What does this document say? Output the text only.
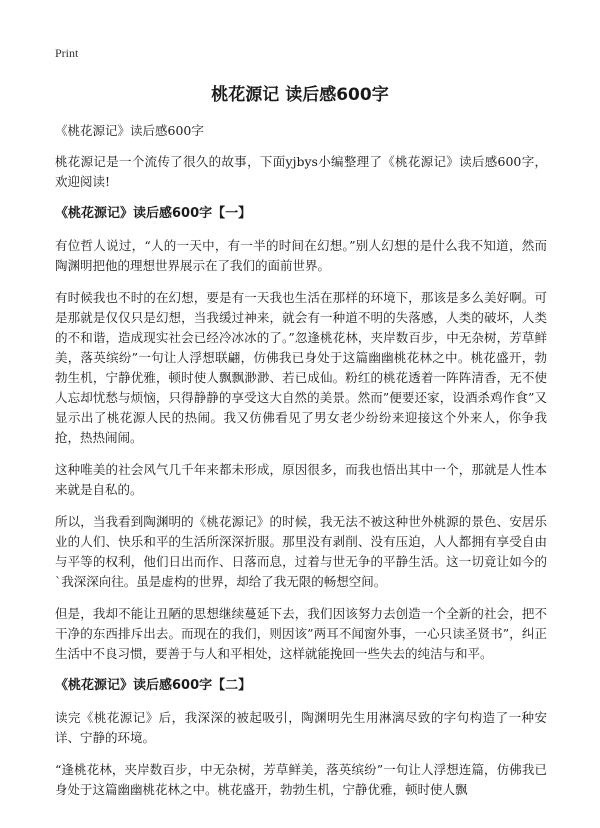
Print
桃花源记 读后感600字
《桃花源记》读后感600字

桃花源记是一个流传了很久的故事，下面yjbys小编整理了《桃花源记》读后感600字，欢迎阅读!

《桃花源记》读后感600字【一】

有位哲人说过，“人的一天中，有一半的时间在幻想。”别人幻想的是什么我不知道，然而陶渊明把他的理想世界展示在了我们的面前世界。

有时候我也不时的在幻想，要是有一天我也生活在那样的环境下，那该是多么美好啊。可是那就是仅仅只是幻想，当我缓过神来，就会有一种道不明的失落感，人类的破坏，人类的不和谐，造成现实社会已经冷冰冰的了。”忽逢桃花林，夹岸数百步，中无杂树，芳草鲜美，落英缤纷”一句让人浮想联翩，仿佛我已身处于这篇幽幽桃花林之中。桃花盛开，勃勃生机，宁静优雅，顿时使人飘飘渺渺、若已成仙。粉红的桃花透着一阵阵清香，无不使人忘却忧愁与烦恼，只得静静的享受这大自然的美景。然而”便要还家，设酒杀鸡作食”又显示出了桃花源人民的热闹。我又仿佛看见了男女老少纷纷来迎接这个外来人，你争我抢，热热闹闹。

这种唯美的社会风气几千年来都未形成，原因很多，而我也悟出其中一个，那就是人性本来就是自私的。

所以，当我看到陶渊明的《桃花源记》的时候，我无法不被这种世外桃源的景色、安居乐业的人们、快乐和平的生活所深深折服。那里没有剥削、没有压迫，人人都拥有享受自由与平等的权利，他们日出而作、日落而息，过着与世无争的平静生活。这一切竟让如今的`我深深向往。虽是虚构的世界，却给了我无限的畅想空间。

但是，我却不能让丑陋的思想继续蔓延下去，我们因该努力去创造一个全新的社会，把不干净的东西排斥出去。而现在的我们，则因该”两耳不闻窗外事，一心只读圣贤书”，纠正生活中不良习惯，要善于与人和平相处，这样就能挽回一些失去的纯洁与和平。

《桃花源记》读后感600字【二】

读完《桃花源记》后，我深深的被起吸引，陶渊明先生用淋漓尽致的字句构造了一种安详、宁静的环境。

“逢桃花林，夹岸数百步，中无杂树，芳草鲜美，落英缤纷”一句让人浮想连篇，仿佛我已身处于这篇幽幽桃花林之中。桃花盛开，勃勃生机，宁静优雅，顿时使人飘
